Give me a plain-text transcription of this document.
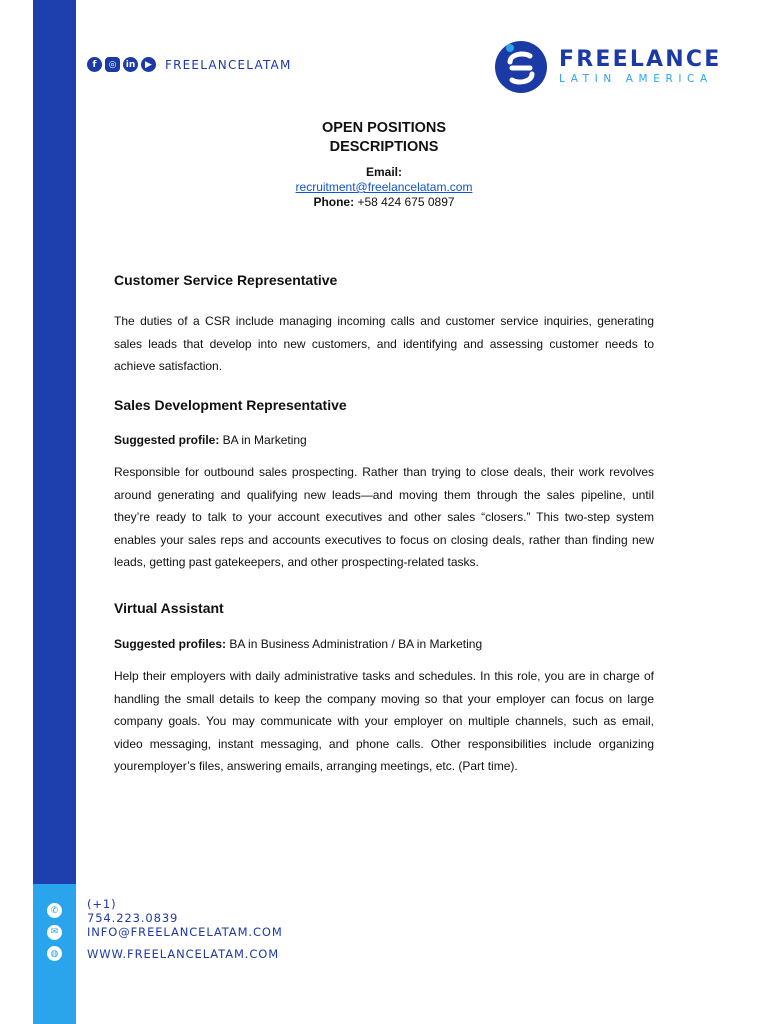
f	◎	in	▶	FREELANCELATAM	FREELANCE
LATIN AMERICA
OPEN POSITIONS
DESCRIPTIONS
Email:
recruitment@freelancelatam.com
Phone: +58 424 675 0897
Customer Service Representative

The duties of a CSR include managing incoming calls and customer service inquiries, generating sales leads that develop into new customers, and identifying and assessing customer needs to achieve satisfaction.

Sales Development Representative
Suggested profile: BA in Marketing

Responsible for outbound sales prospecting. Rather than trying to close deals, their work revolves around generating and qualifying new leads—and moving them through the sales pipeline, until they’re ready to talk to your account executives and other sales “closers.” This two-step system enables your sales reps and accounts executives to focus on closing deals, rather than finding new leads, getting past gatekeepers, and other prospecting-related tasks.

Virtual Assistant
Suggested profiles: BA in Business Administration / BA in Marketing

Help their employers with daily administrative tasks and schedules. In this role, you are in charge of handling the small details to keep the company moving so that your employer can focus on large company goals. You may communicate with your employer on multiple channels, such as email, video messaging, instant messaging, and phone calls. Other responsibilities include organizing youremployer’s files, answering emails, arranging meetings, etc. (Part time).

✆	(+1) 754.223.0839
✉	INFO@FREELANCELATAM.COM
◍	WWW.FREELANCELATAM.COM
